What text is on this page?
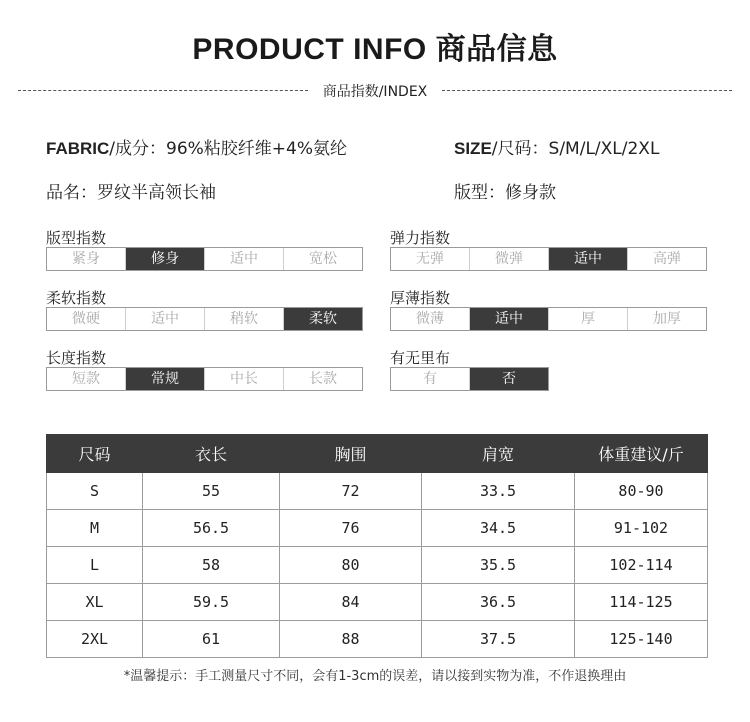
PRODUCT INFO 商品信息
商品指数/INDEX
FABRIC/成分：96%粘胶纤维+4%氨纶	SIZE/尺码：S/M/L/XL/2XL
品名：罗纹半高领长袖	版型：修身款
版型指数
紧身	修身	适中	宽松
弹力指数
无弹	微弹	适中	高弹
柔软指数
微硬	适中	稍软	柔软
厚薄指数
微薄	适中	厚	加厚
长度指数
短款	常规	中长	长款
有无里布
有	否
尺码	衣长	胸围	肩宽	体重建议/斤
S	55	72	33.5	80-90
M	56.5	76	34.5	91-102
L	58	80	35.5	102-114
XL	59.5	84	36.5	114-125
2XL	61	88	37.5	125-140
*温馨提示：手工测量尺寸不同，会有1-3cm的误差，请以接到实物为准，不作退换理由
